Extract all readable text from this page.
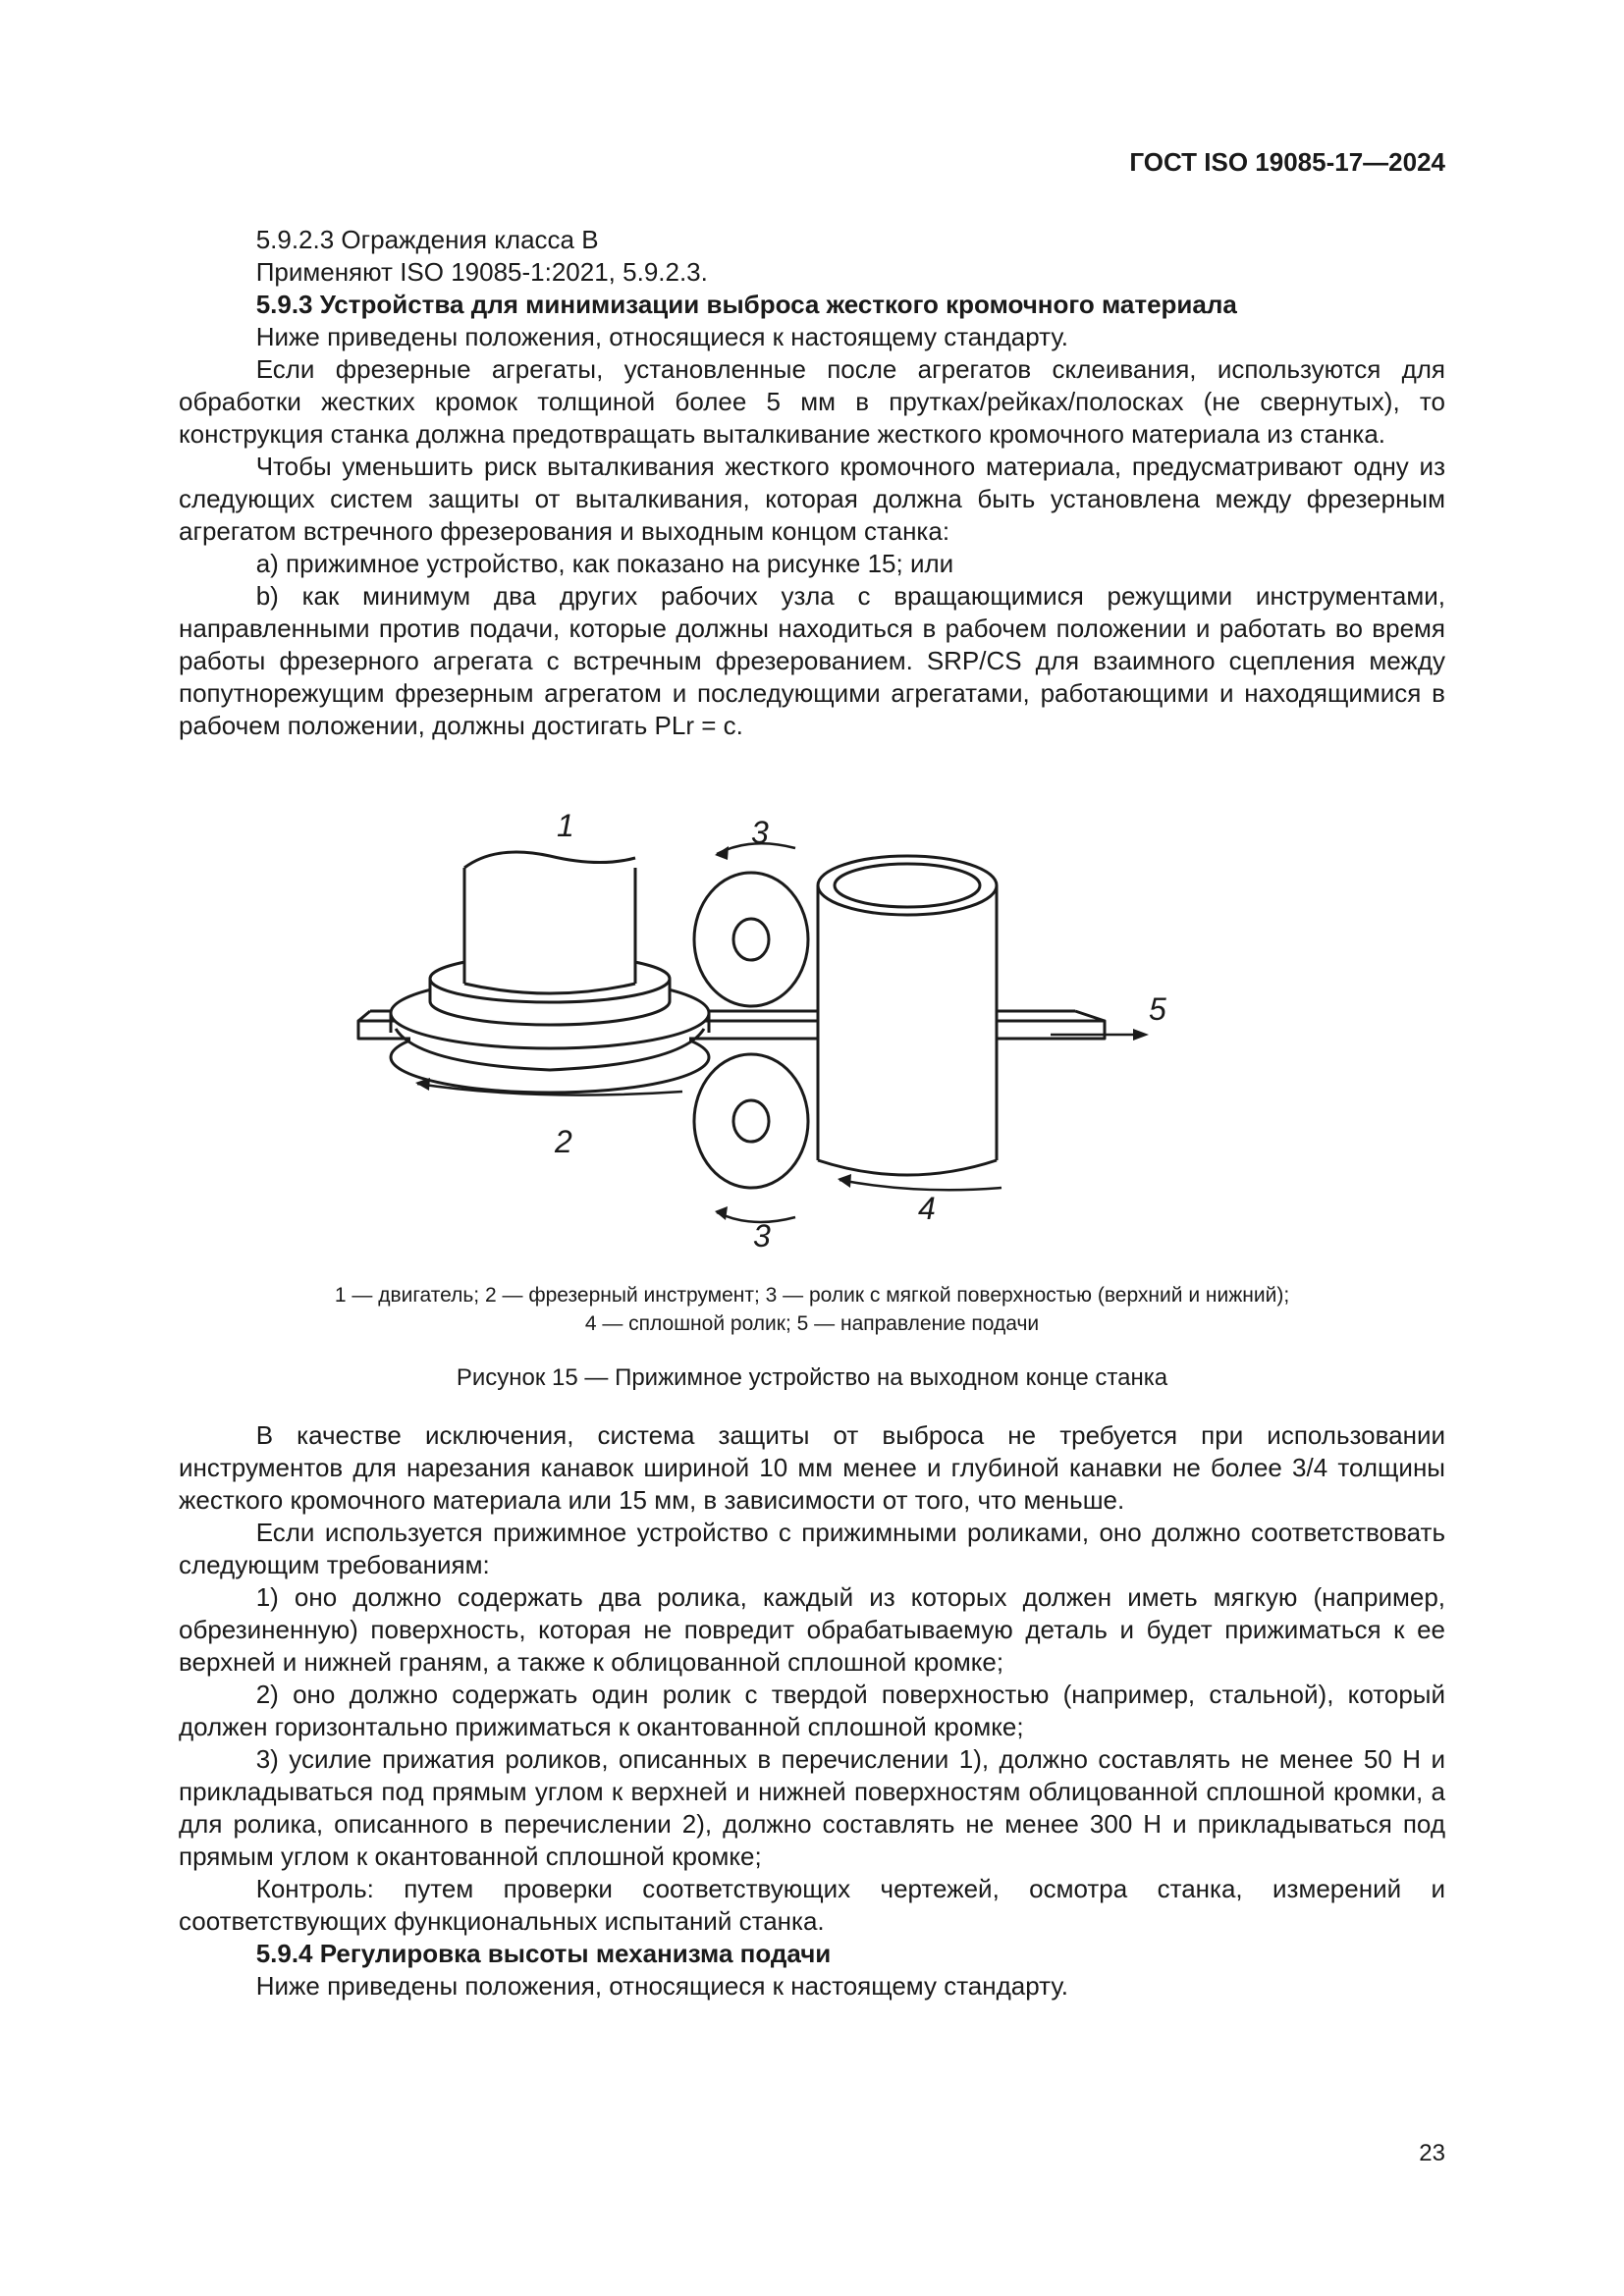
ГОСТ ISO 19085-17—2024

5.9.2.3 Ограждения класса B

Применяют ISO 19085-1:2021, 5.9.2.3.

5.9.3 Устройства для минимизации выброса жесткого кромочного материала

Ниже приведены положения, относящиеся к настоящему стандарту.

Если фрезерные агрегаты, установленные после агрегатов склеивания, используются для обработки жестких кромок толщиной более 5 мм в прутках/рейках/полосках (не свернутых), то конструкция станка должна предотвращать выталкивание жесткого кромочного материала из станка.

Чтобы уменьшить риск выталкивания жесткого кромочного материала, предусматривают одну из следующих систем защиты от выталкивания, которая должна быть установлена между фрезерным агрегатом встречного фрезерования и выходным концом станка:

a) прижимное устройство, как показано на рисунке 15; или

b) как минимум два других рабочих узла с вращающимися режущими инструментами, направленными против подачи, которые должны находиться в рабочем положении и работать во время работы фрезерного агрегата с встречным фрезерованием. SRP/CS для взаимного сцепления между попутнорежущим фрезерным агрегатом и последующими агрегатами, работающими и находящимися в рабочем положении, должны достигать PLr = c.

1
2
3
3
4
5
1 — двигатель; 2 — фрезерный инструмент; 3 — ролик с мягкой поверхностью (верхний и нижний);
4 — сплошной ролик; 5 — направление подачи
Рисунок 15 — Прижимное устройство на выходном конце станка

В качестве исключения, система защиты от выброса не требуется при использовании инструментов для нарезания канавок шириной 10 мм менее и глубиной канавки не более 3/4 толщины жесткого кромочного материала или 15 мм, в зависимости от того, что меньше.

Если используется прижимное устройство с прижимными роликами, оно должно соответствовать следующим требованиям:

1) оно должно содержать два ролика, каждый из которых должен иметь мягкую (например, обрезиненную) поверхность, которая не повредит обрабатываемую деталь и будет прижиматься к ее верхней и нижней граням, а также к облицованной сплошной кромке;

2) оно должно содержать один ролик с твердой поверхностью (например, стальной), который должен горизонтально прижиматься к окантованной сплошной кромке;

3) усилие прижатия роликов, описанных в перечислении 1), должно составлять не менее 50 Н и прикладываться под прямым углом к верхней и нижней поверхностям облицованной сплошной кромки, а для ролика, описанного в перечислении 2), должно составлять не менее 300 Н и прикладываться под прямым углом к окантованной сплошной кромке;

Контроль: путем проверки соответствующих чертежей, осмотра станка, измерений и соответствующих функциональных испытаний станка.

5.9.4 Регулировка высоты механизма подачи

Ниже приведены положения, относящиеся к настоящему стандарту.

23
